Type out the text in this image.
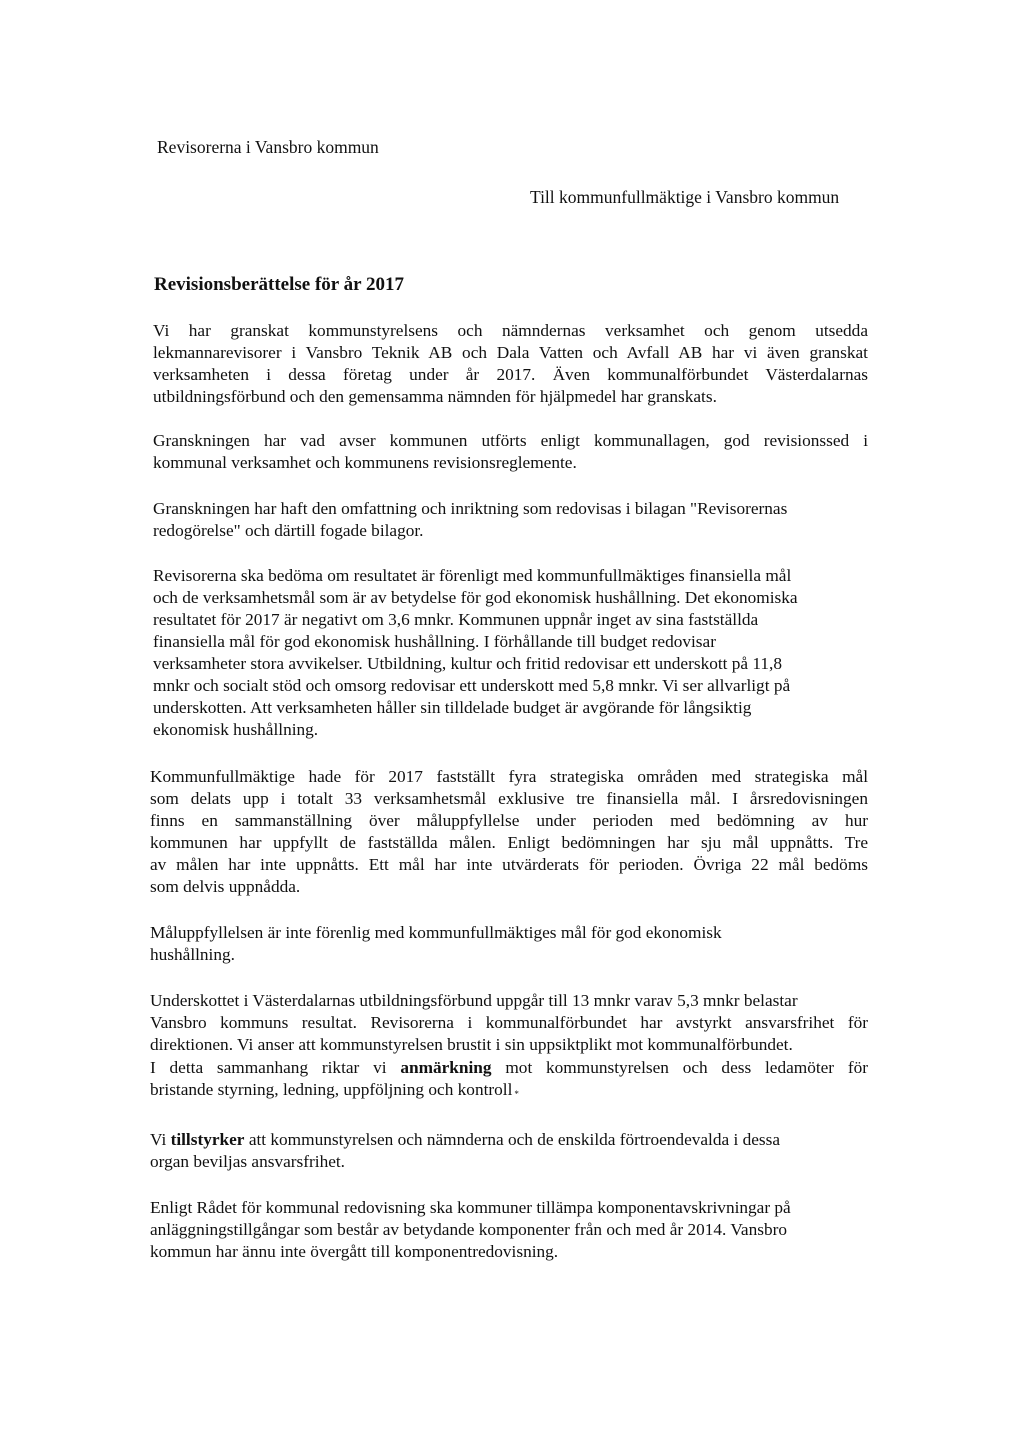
Revisorerna i Vansbro kommun
Till kommunfullmäktige i Vansbro kommun
Revisionsberättelse för år 2017

Vi har granskat kommunstyrelsens och nämndernas verksamhet och genom utsedda
lekmannarevisorer i Vansbro Teknik AB och Dala Vatten och Avfall AB har vi även granskat
verksamheten i dessa företag under år 2017. Även kommunalförbundet Västerdalarnas
utbildningsförbund och den gemensamma nämnden för hjälpmedel har granskats.

Granskningen har vad avser kommunen utförts enligt kommunallagen, god revisionssed i
kommunal verksamhet och kommunens revisionsreglemente.

Granskningen har haft den omfattning och inriktning som redovisas i bilagan "Revisorernas
redogörelse" och därtill fogade bilagor.

Revisorerna ska bedöma om resultatet är förenligt med kommunfullmäktiges finansiella mål
och de verksamhetsmål som är av betydelse för god ekonomisk hushållning. Det ekonomiska
resultatet för 2017 är negativt om 3,6 mnkr. Kommunen uppnår inget av sina fastställda
finansiella mål för god ekonomisk hushållning. I förhållande till budget redovisar
verksamheter stora avvikelser. Utbildning, kultur och fritid redovisar ett underskott på 11,8
mnkr och socialt stöd och omsorg redovisar ett underskott med 5,8 mnkr. Vi ser allvarligt på
underskotten. Att verksamheten håller sin tilldelade budget är avgörande för långsiktig
ekonomisk hushållning.

Kommunfullmäktige hade för 2017 fastställt fyra strategiska områden med strategiska mål
som delats upp i totalt 33 verksamhetsmål exklusive tre finansiella mål. I årsredovisningen
finns en sammanställning över måluppfyllelse under perioden med bedömning av hur
kommunen har uppfyllt de fastställda målen. Enligt bedömningen har sju mål uppnåtts. Tre
av målen har inte uppnåtts. Ett mål har inte utvärderats för perioden. Övriga 22 mål bedöms
som delvis uppnådda.

Måluppfyllelsen är inte förenlig med kommunfullmäktiges mål för god ekonomisk
hushållning.

Underskottet i Västerdalarnas utbildningsförbund uppgår till 13 mnkr varav 5,3 mnkr belastar
Vansbro kommuns resultat. Revisorerna i kommunalförbundet har avstyrkt ansvarsfrihet för
direktionen. Vi anser att kommunstyrelsen brustit i sin uppsiktplikt mot kommunalförbundet.
I detta sammanhang riktar vi anmärkning mot kommunstyrelsen och dess ledamöter för
bristande styrning, ledning, uppföljning och kontroll *

Vi tillstyrker att kommunstyrelsen och nämnderna och de enskilda förtroendevalda i dessa
organ beviljas ansvarsfrihet.

Enligt Rådet för kommunal redovisning ska kommuner tillämpa komponentavskrivningar på
anläggningstillgångar som består av betydande komponenter från och med år 2014. Vansbro
kommun har ännu inte övergått till komponentredovisning.
